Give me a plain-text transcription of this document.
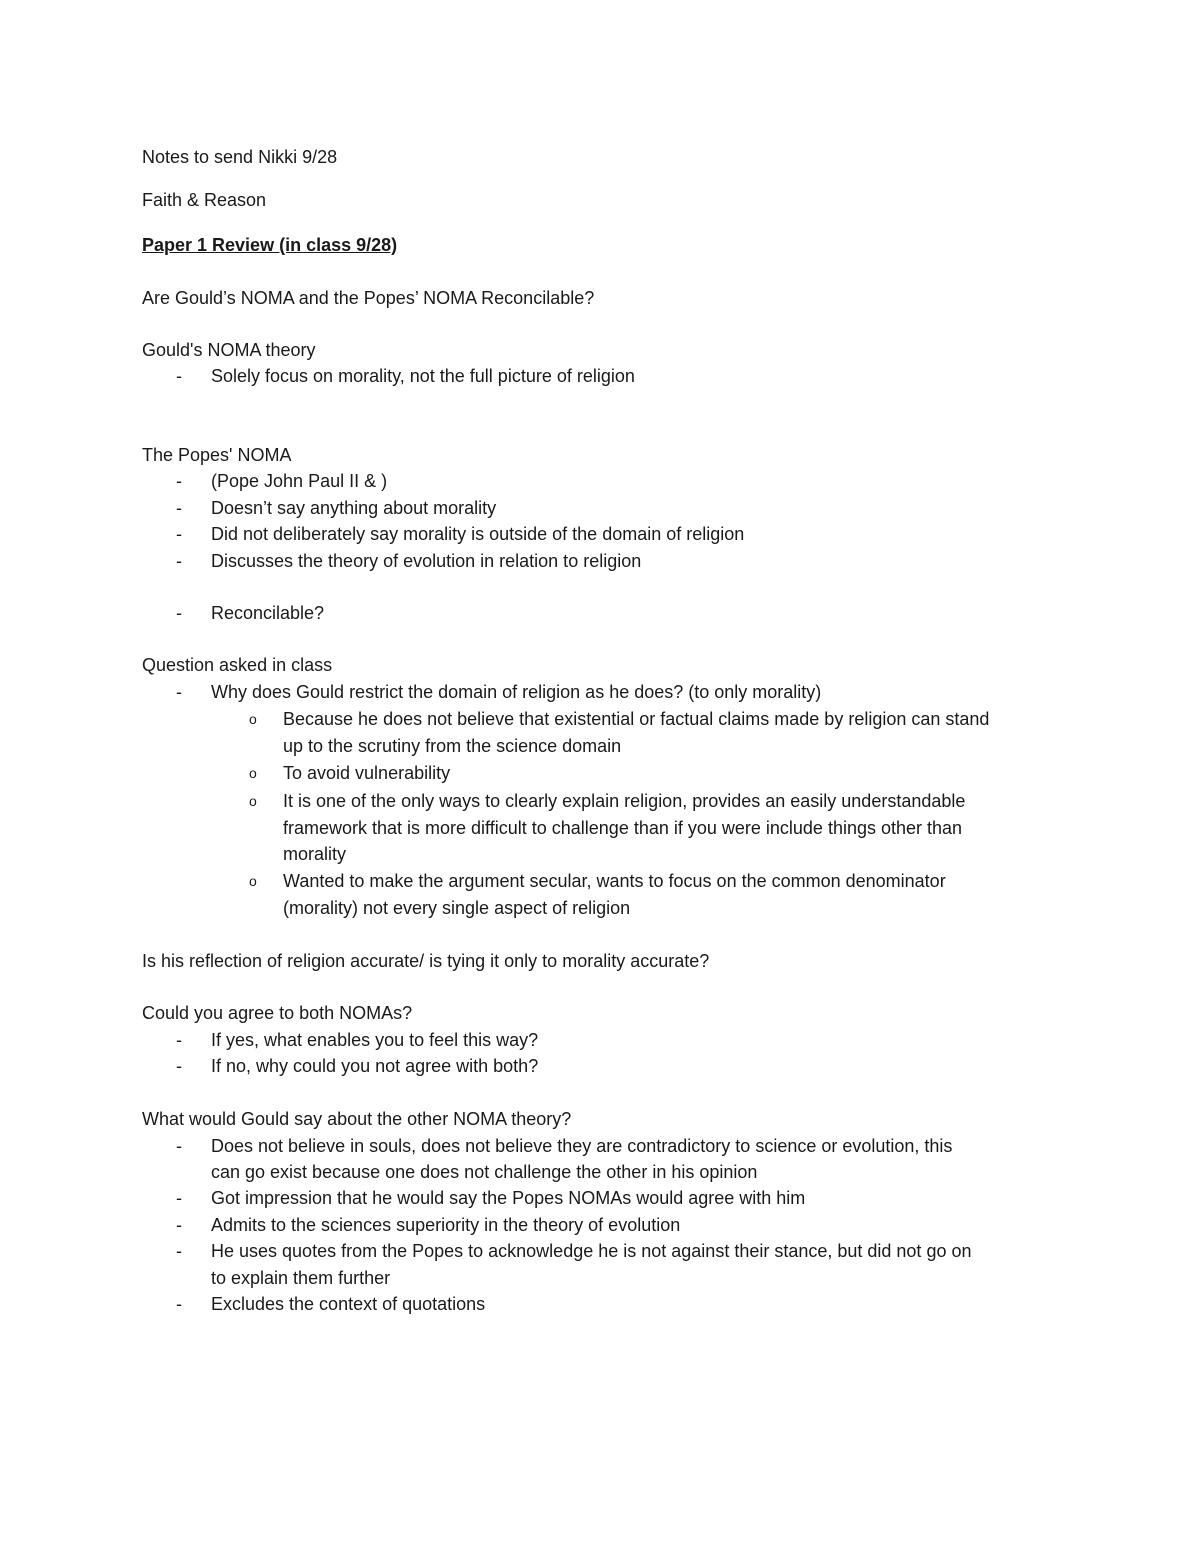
Notes to send Nikki 9/28
Faith & Reason
Paper 1 Review (in class 9/28)
Are Gould’s NOMA and the Popes’ NOMA Reconcilable?
Gould's NOMA theory
- Solely focus on morality, not the full picture of religion
The Popes' NOMA
- (Pope John Paul II & )
- Doesn’t say anything about morality
- Did not deliberately say morality is outside of the domain of religion
- Discusses the theory of evolution in relation to religion
- Reconcilable?
Question asked in class
- Why does Gould restrict the domain of religion as he does? (to only morality)
o Because he does not believe that existential or factual claims made by religion can stand
up to the scrutiny from the science domain
o To avoid vulnerability
o It is one of the only ways to clearly explain religion, provides an easily understandable
framework that is more difficult to challenge than if you were include things other than
morality
o Wanted to make the argument secular, wants to focus on the common denominator
(morality) not every single aspect of religion
Is his reflection of religion accurate/ is tying it only to morality accurate?
Could you agree to both NOMAs?
- If yes, what enables you to feel this way?
- If no, why could you not agree with both?
What would Gould say about the other NOMA theory?
- Does not believe in souls, does not believe they are contradictory to science or evolution, this
can go exist because one does not challenge the other in his opinion
- Got impression that he would say the Popes NOMAs would agree with him
- Admits to the sciences superiority in the theory of evolution
- He uses quotes from the Popes to acknowledge he is not against their stance, but did not go on
to explain them further
- Excludes the context of quotations
